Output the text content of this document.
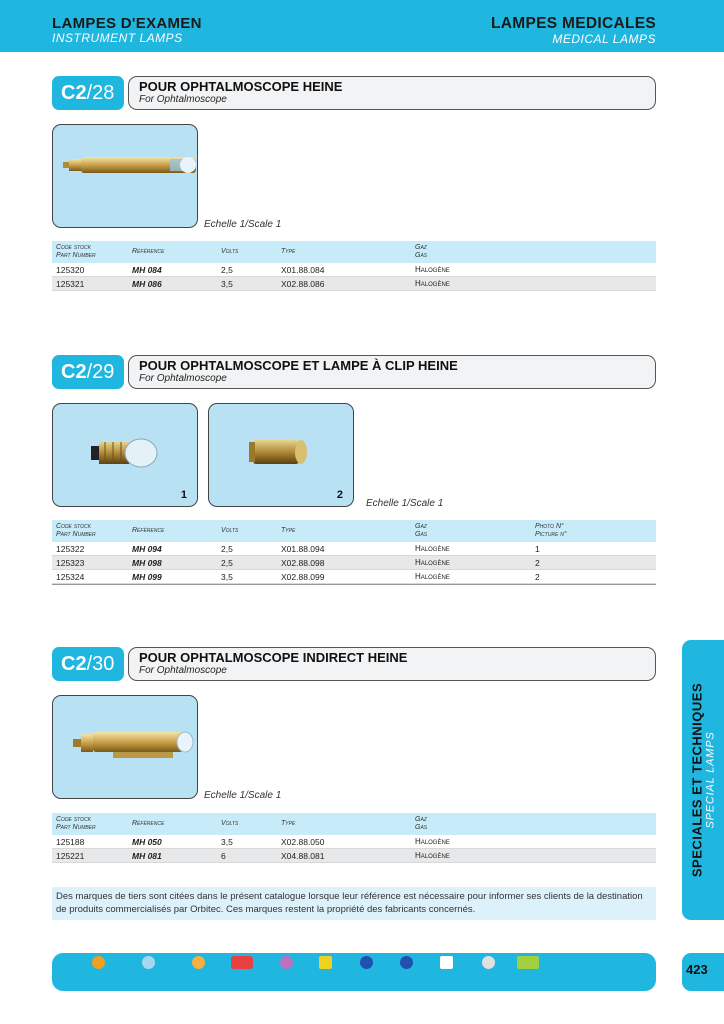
LAMPES D'EXAMEN
INSTRUMENT LAMPS
LAMPES MEDICALES
MEDICAL LAMPS
C2/28	POUR OPHTALMOSCOPE HEINE
For Ophtalmoscope
Echelle 1/Scale 1
Code stock
Part Number
Référence	Volts	Type
Gaz
Gas
125320	MH 084	2,5	X01.88.084	Halogène
125321	MH 086	3,5	X02.88.086	Halogène
C2/29	POUR OPHTALMOSCOPE ET LAMPE À CLIP HEINE
For Ophtalmoscope
1	2
Echelle 1/Scale 1
Code stock
Part Number
Référence	Volts	Type
Gaz
Gas
Photo N°
Picture n°
125322	MH 094	2,5	X01.88.094	Halogène	1
125323	MH 098	2,5	X02.88.098	Halogène	2
125324	MH 099	3,5	X02.88.099	Halogène	2
C2/30	POUR OPHTALMOSCOPE INDIRECT HEINE
For Ophtalmoscope
Echelle 1/Scale 1
Code stock
Part Number
Référence	Volts	Type
Gaz
Gas
125188	MH 050	3,5	X02.88.050	Halogène
125221	MH 081	6	X04.88.081	Halogène
Des marques de tiers sont citées dans le présent catalogue lorsque leur référence est nécessaire pour informer ses clients de la destination de produits commercialisés par Orbitec. Ces marques restent la propriété des fabricants concernés.
SPECIALES ET TECHNIQUES SPECIAL LAMPS
423
